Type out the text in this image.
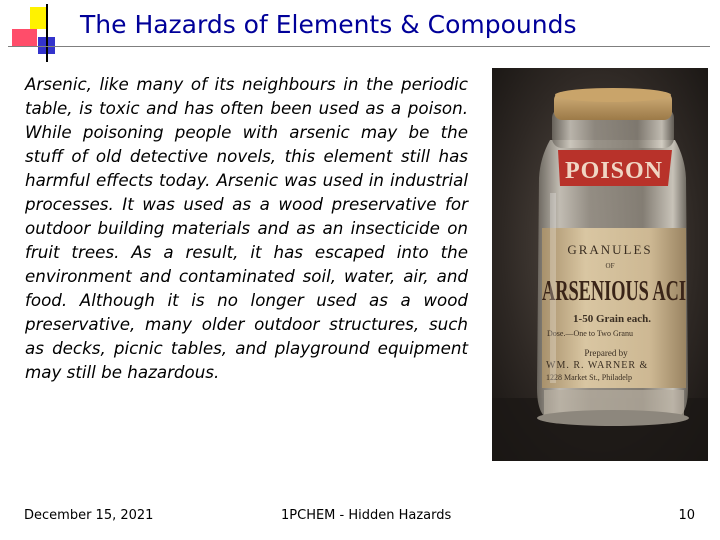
The Hazards of Elements & Compounds
Arsenic, like many of its neighbours in the periodic table, is toxic and has often been used as a poison. While poisoning people with arsenic may be the stuff of old detective novels, this element still has harmful effects today. Arsenic was used in industrial processes. It was used as a wood preservative for outdoor building materials and as an insecticide on fruit trees. As a result, it has escaped into the environment and contaminated soil, water, air, and food. Although it is no longer used as a wood preservative, many older outdoor structures, such as decks, picnic tables, and playground equipment may still be hazardous.
POISON
GRANULES
OF
ARSENIOUS ACI
1-50 Grain each.
Dose.—One to Two Granu
Prepared by
WM. R. WARNER &
1228 Market St., Philadelp
December 15, 2021	1PCHEM - Hidden Hazards	10
